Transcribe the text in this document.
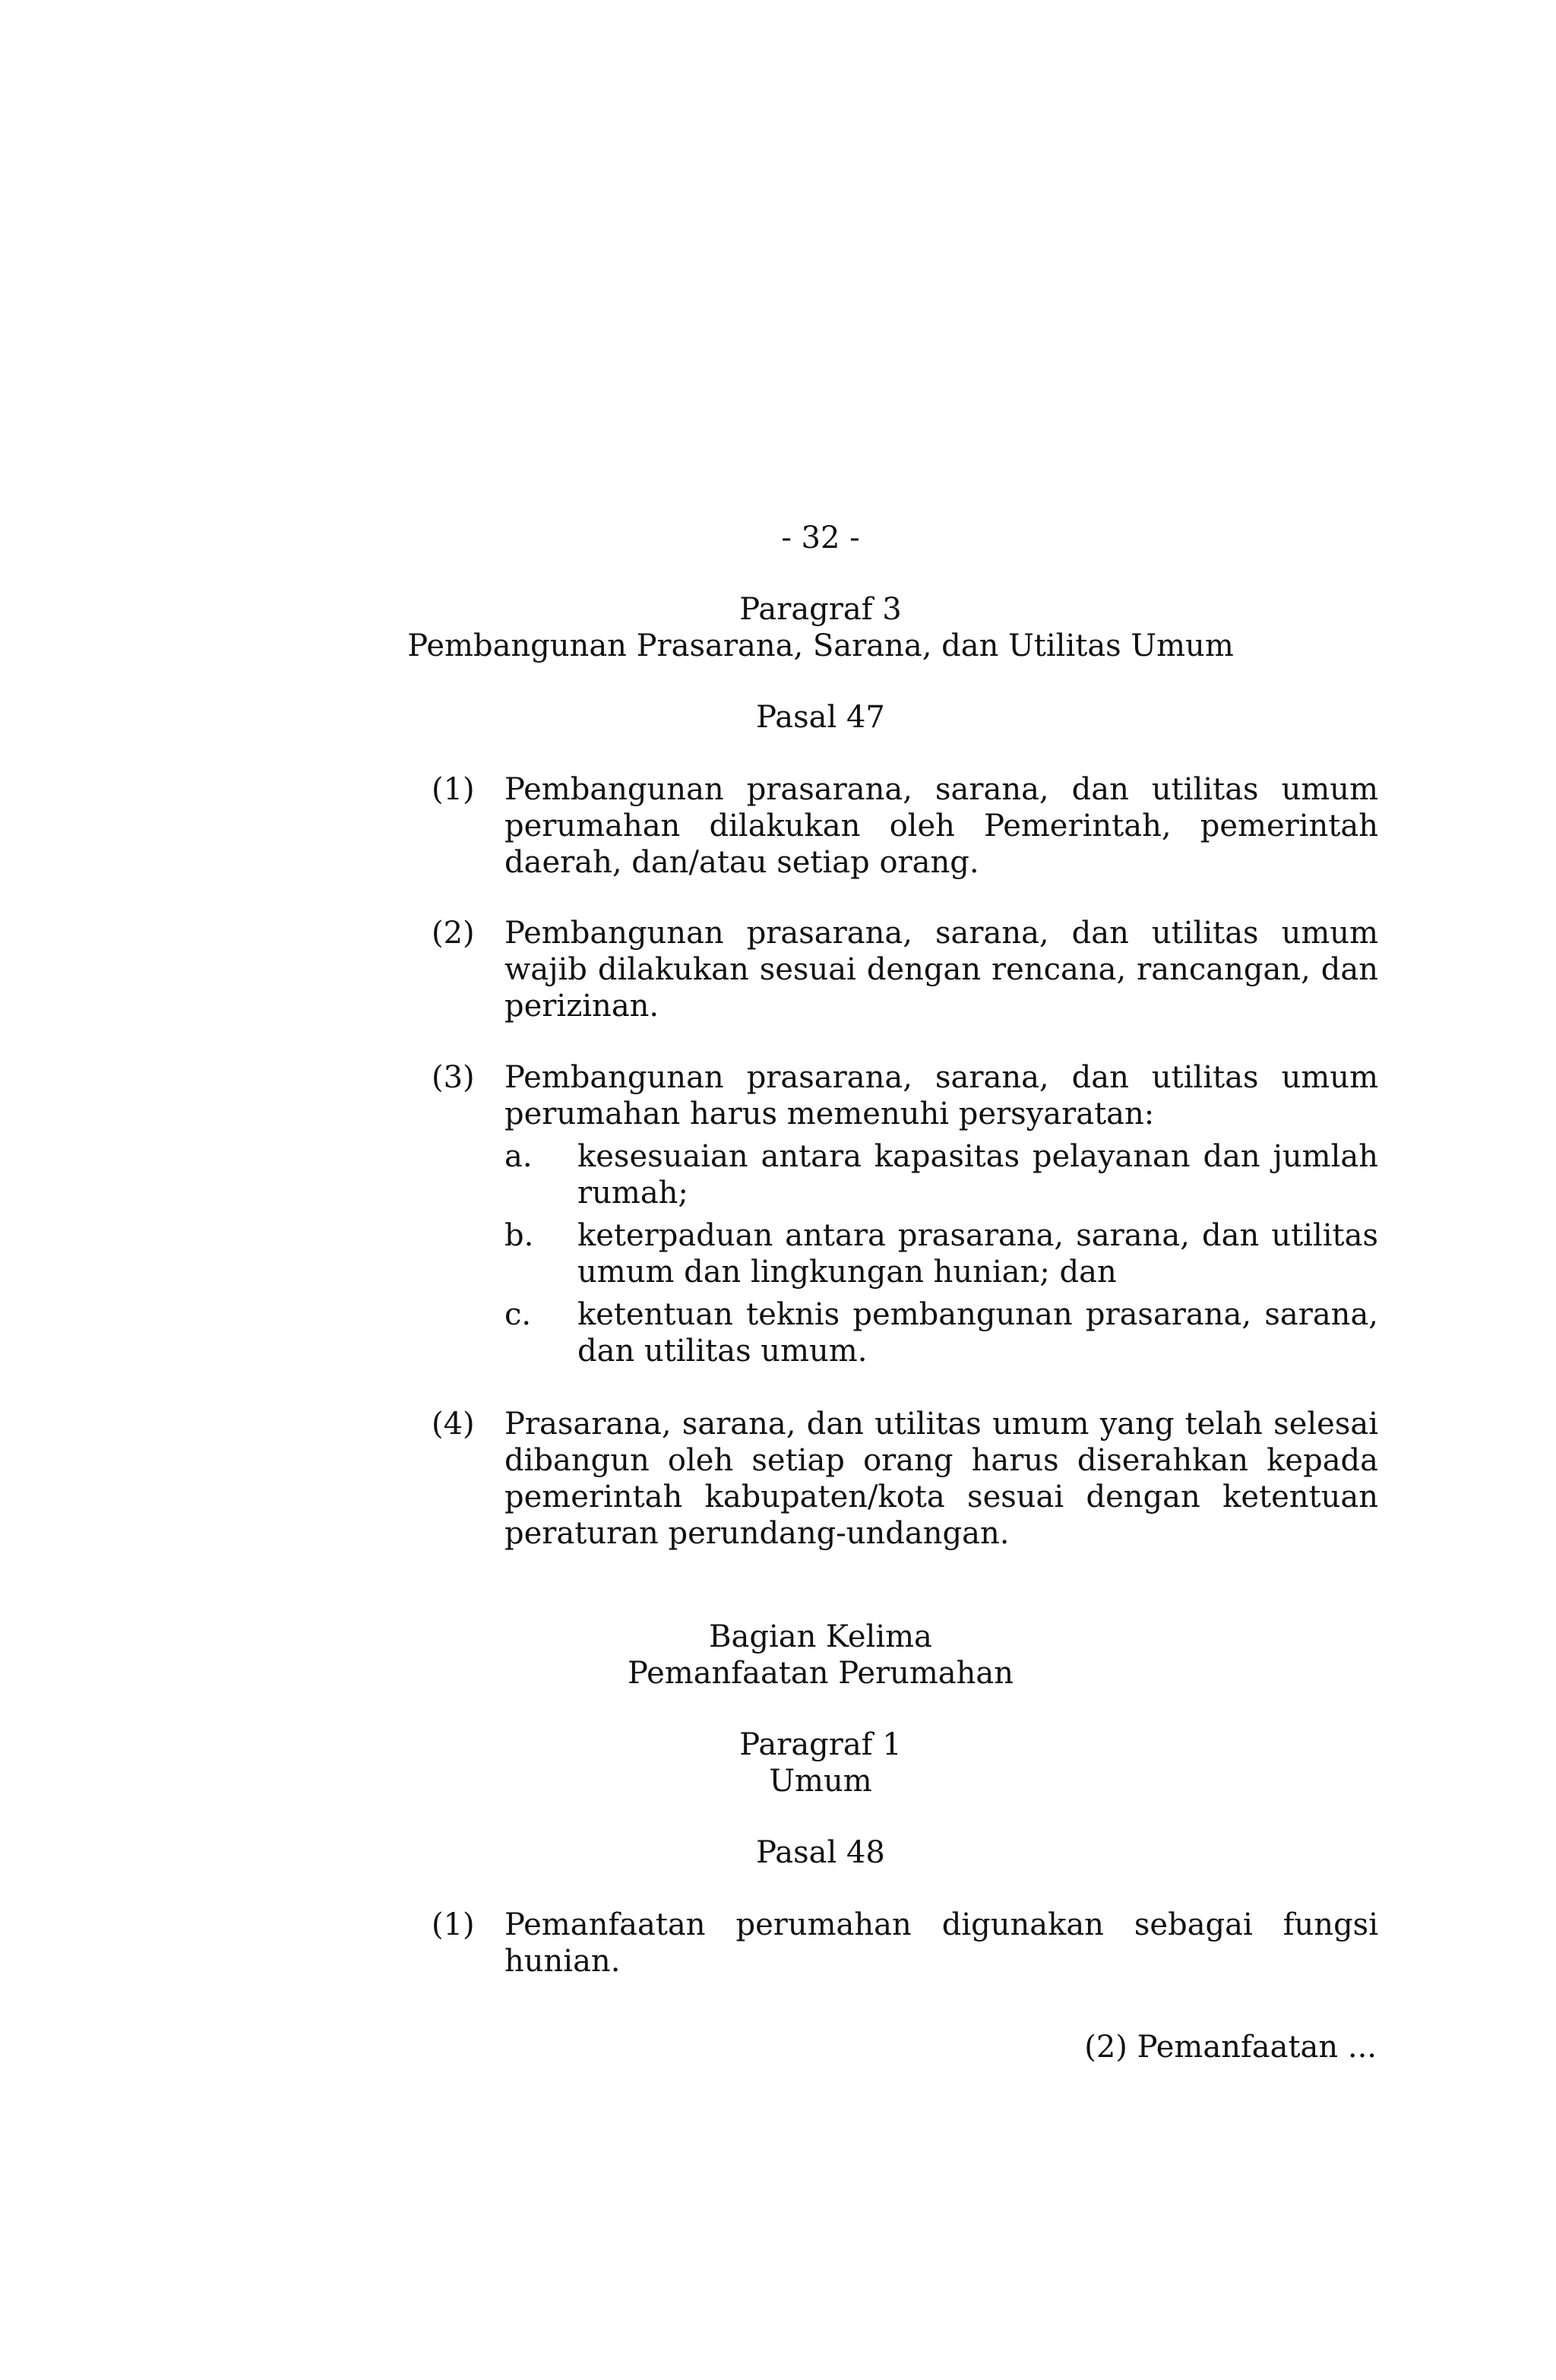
- 32 -
Paragraf 3
Pembangunan Prasarana, Sarana, dan Utilitas Umum
Pasal 47
(1) Pembangunan prasarana, sarana, dan utilitas umum perumahan dilakukan oleh Pemerintah, pemerintah daerah, dan/atau setiap orang.
(2) Pembangunan prasarana, sarana, dan utilitas umum wajib dilakukan sesuai dengan rencana, rancangan, dan perizinan.
(3) Pembangunan prasarana, sarana, dan utilitas umum perumahan harus memenuhi persyaratan:
a. kesesuaian antara kapasitas pelayanan dan jumlah rumah;
b. keterpaduan antara prasarana, sarana, dan utilitas umum dan lingkungan hunian; dan
c. ketentuan teknis pembangunan prasarana, sarana, dan utilitas umum.
(4) Prasarana, sarana, dan utilitas umum yang telah selesai dibangun oleh setiap orang harus diserahkan kepada pemerintah kabupaten/kota sesuai dengan ketentuan peraturan perundang-undangan.
Bagian Kelima
Pemanfaatan Perumahan
Paragraf 1
Umum
Pasal 48
(1) Pemanfaatan perumahan digunakan sebagai fungsi hunian.
(2) Pemanfaatan ...
